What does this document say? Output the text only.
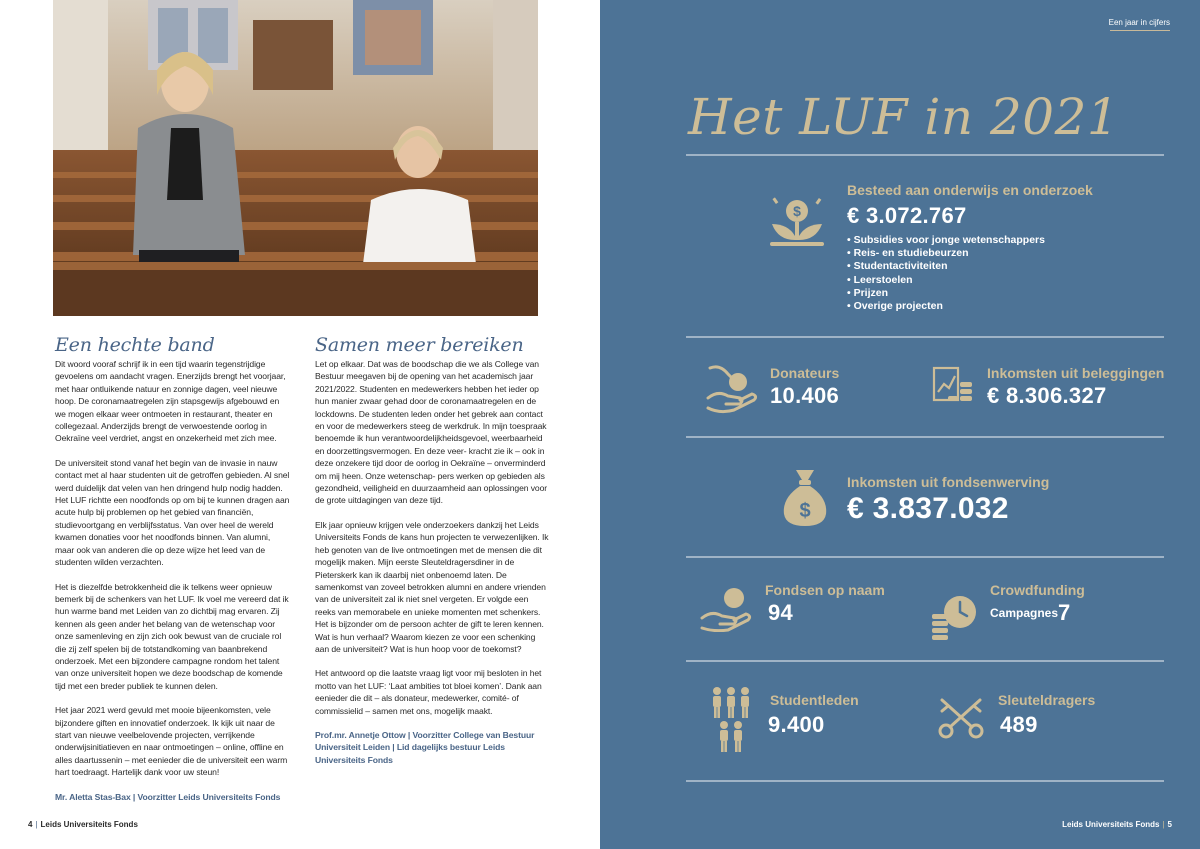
Een hechte band

Dit woord vooraf schrijf ik in een tijd waarin tegenstrijdige gevoelens om aandacht vragen. Enerzijds brengt het voorjaar, met haar ontluikende natuur en zonnige dagen, veel nieuwe hoop. De coronamaatregelen zijn stapsgewijs afgebouwd en we mogen elkaar weer ontmoeten in restaurant, theater en collegezaal. Anderzijds brengt de verwoestende oorlog in Oekraïne veel verdriet, angst en onzekerheid met zich mee.

De universiteit stond vanaf het begin van de invasie in nauw contact met al haar studenten uit de getroffen gebieden. Al snel werd duidelijk dat velen van hen dringend hulp nodig hadden. Het LUF richtte een noodfonds op om bij te kunnen dragen aan acute hulp bij problemen op het gebied van financiën, studievoortgang en verblijfsstatus. Van over heel de wereld kwamen donaties voor het noodfonds binnen. Van alumni, maar ook van anderen die op deze wijze het leed van de studenten wilden verzachten.

Het is diezelfde betrokkenheid die ik telkens weer opnieuw bemerk bij de schenkers van het LUF. Ik voel me vereerd dat ik hun warme band met Leiden van zo dichtbij mag ervaren. Zij kennen als geen ander het belang van de wetenschap voor onze samenleving en zijn zich ook bewust van de cruciale rol die zij zelf spelen bij de totstandkoming van baanbrekend onderzoek. Met een bijzondere campagne rondom het talent van onze universiteit hopen we deze boodschap de komende tijd met een breder publiek te kunnen delen.

Het jaar 2021 werd gevuld met mooie bijeenkomsten, vele bijzondere giften en innovatief onderzoek. Ik kijk uit naar de start van nieuwe veelbelovende projecten, verrijkende onderwijsinitiatieven en naar ontmoetingen – online, offline en alles daartussenin – met eenieder die de universiteit een warm hart toedraagt. Hartelijk dank voor uw steun!

Mr. Aletta Stas-Bax | Voorzitter Leids Universiteits Fonds

Samen meer bereiken

Let op elkaar. Dat was de boodschap die we als College van Bestuur meegaven bij de opening van het academisch jaar 2021/2022. Studenten en medewerkers hebben het ieder op hun manier zwaar gehad door de coronamaatregelen en de lockdowns. De studenten leden onder het gebrek aan contact en voor de medewerkers steeg de werkdruk. In mijn toespraak benoemde ik hun verantwoordelijkheidsgevoel, weerbaarheid en doorzettingsvermogen. En deze veer- kracht zie ik – ook in deze onzekere tijd door de oorlog in Oekraïne – onverminderd om mij heen. Onze wetenschap- pers werken op gebieden als gezondheid, veiligheid en duurzaamheid aan oplossingen voor de grote uitdagingen van deze tijd.

Elk jaar opnieuw krijgen vele onderzoekers dankzij het Leids Universiteits Fonds de kans hun projecten te verwezenlijken. Ik heb genoten van de live ontmoetingen met de mensen die dit mogelijk maken. Mijn eerste Sleuteldragersdiner in de Pieterskerk kan ik daarbij niet onbenoemd laten. De samenkomst van zoveel betrokken alumni en andere vrienden van de universiteit zal ik niet snel vergeten. Er volgde een reeks van memorabele en unieke momenten met schenkers. Het is bijzonder om de persoon achter de gift te leren kennen. Wat is hun verhaal? Waarom kiezen ze voor een schenking aan de universiteit? Wat is hun hoop voor de toekomst?

Het antwoord op die laatste vraag ligt voor mij besloten in het motto van het LUF: ‘Laat ambities tot bloei komen’. Dank aan eenieder die dit – als donateur, medewerker, comité- of commissielid – samen met ons, mogelijk maakt.

Prof.mr. Annetje Ottow | Voorzitter College van Bestuur Universiteit Leiden | Lid dagelijks bestuur Leids Universiteits Fonds

4 | Leids Universiteits Fonds
Een jaar in cijfers
Het LUF in 2021
$
Besteed aan onderwijs en onderzoek
€ 3.072.767
• Subsidies voor jonge wetenschappers
• Reis- en studiebeurzen
• Studentactiviteiten
• Leerstoelen
• Prijzen
• Overige projecten
Donateurs
10.406
Inkomsten uit beleggingen
€ 8.306.327
$
Inkomsten uit fondsenwerving
€ 3.837.032
Fondsen op naam
94
Crowdfunding
Campagnes 7
Studentleden
9.400
Sleuteldragers
489
Leids Universiteits Fonds | 5
